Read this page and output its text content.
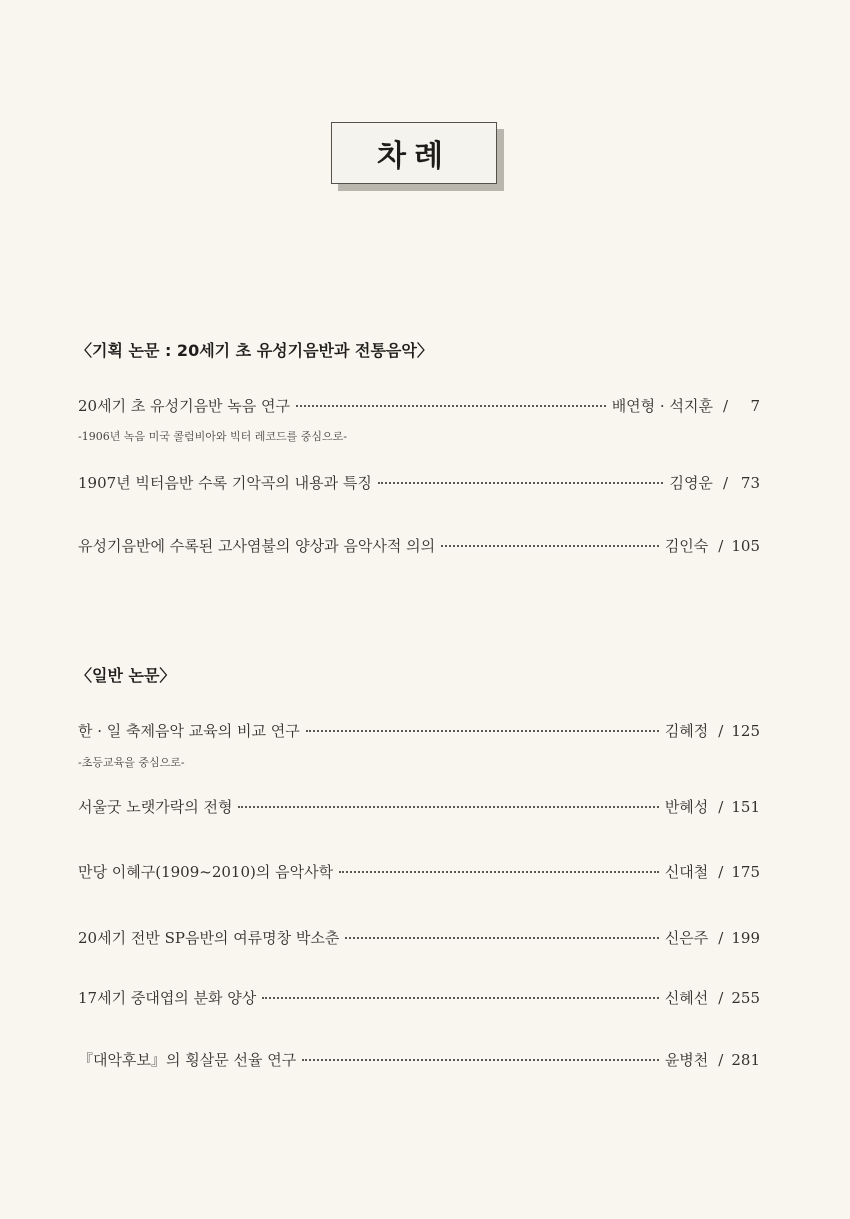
차례
〈기획 논문 : 20세기 초 유성기음반과 전통음악〉
20세기 초 유성기음반 녹음 연구	배연형 · 석지훈 /	7
-1906년 녹음 미국 콜럼비아와 빅터 레코드를 중심으로-
1907년 빅터음반 수록 기악곡의 내용과 특징	김영운 / 73
유성기음반에 수록된 고사염불의 양상과 음악사적 의의	김인숙 / 105
〈일반 논문〉
한 · 일 축제음악 교육의 비교 연구	김혜정 / 125
-초등교육을 중심으로-
서울굿 노랫가락의 전형	반혜성 / 151
만당 이혜구(1909~2010)의 음악사학	신대철 / 175
20세기 전반 SP음반의 여류명창 박소춘	신은주 / 199
17세기 중대엽의 분화 양상	신혜선 / 255
『대악후보』의 횡살문 선율 연구	윤병천 / 281
